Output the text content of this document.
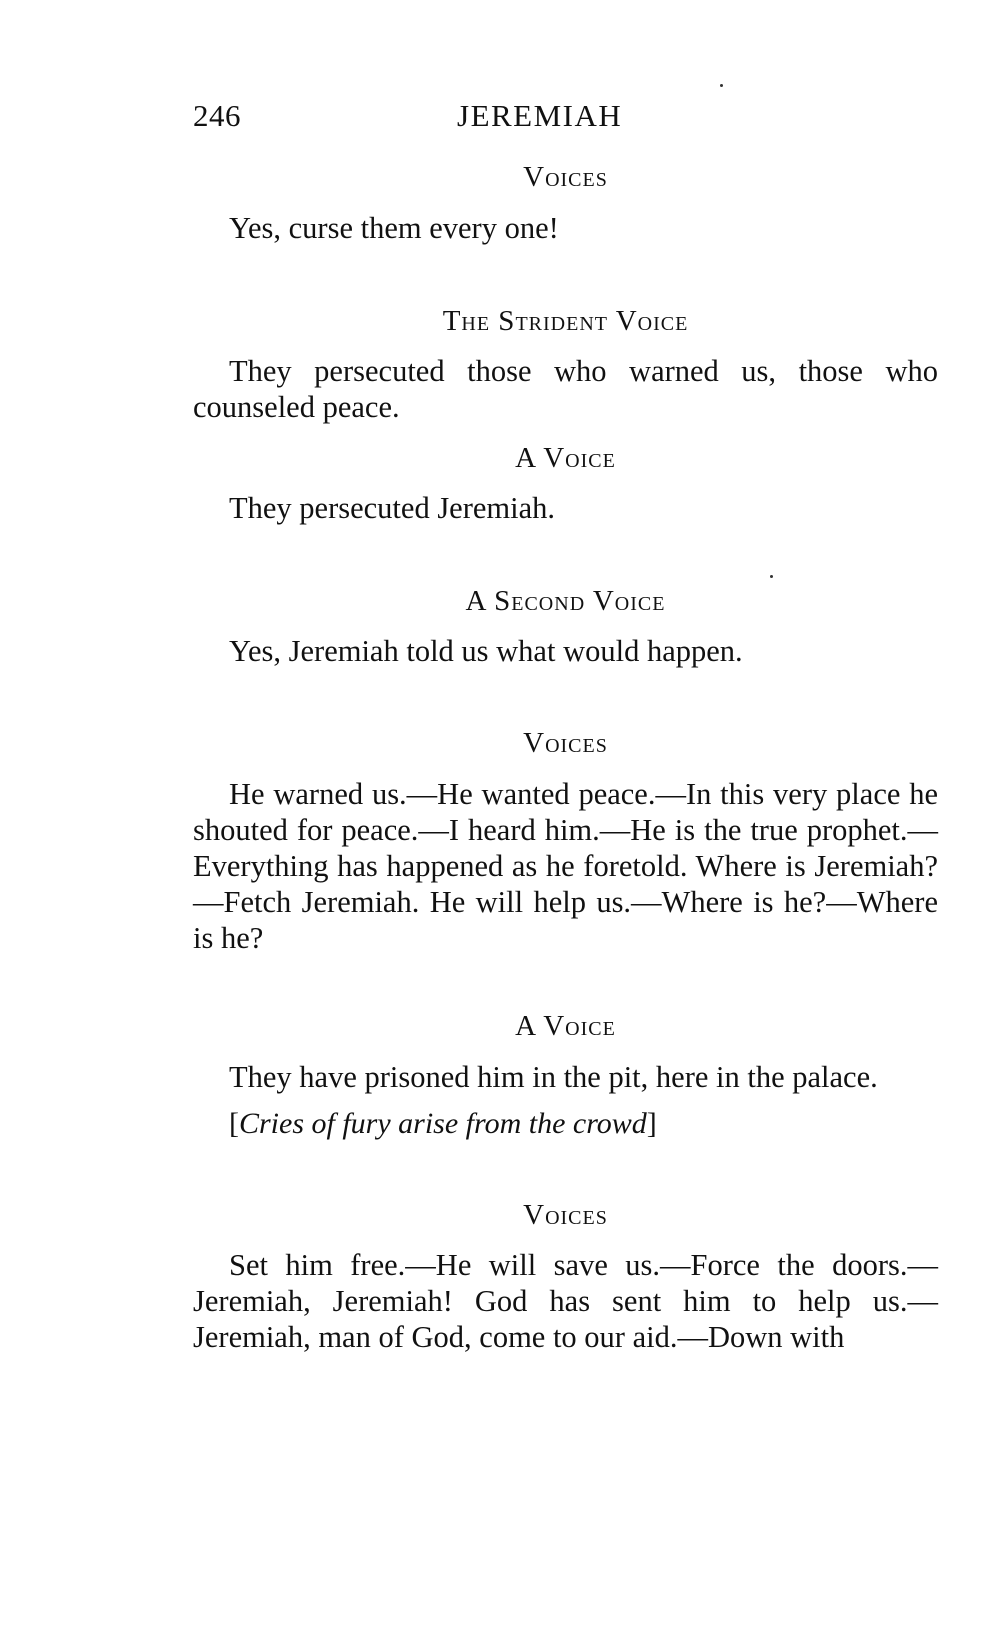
246	JEREMIAH
Voices
Yes, curse them every one!
The Strident Voice
They persecuted those who warned us, those who counseled peace.
A Voice
They persecuted Jeremiah.
A Second Voice
Yes, Jeremiah told us what would happen.
Voices
He warned us.—He wanted peace.—In this very place he shouted for peace.—I heard him.—He is the true prophet.—Everything has happened as he foretold. Where is Jeremiah?—Fetch Jeremiah. He will help us.—Where is he?—Where is he?
A Voice
They have prisoned him in the pit, here in the palace.
[Cries of fury arise from the crowd]
Voices
Set him free.—He will save us.—Force the doors.—Jeremiah, Jeremiah! God has sent him to help us.—Jeremiah, man of God, come to our aid.—Down with
